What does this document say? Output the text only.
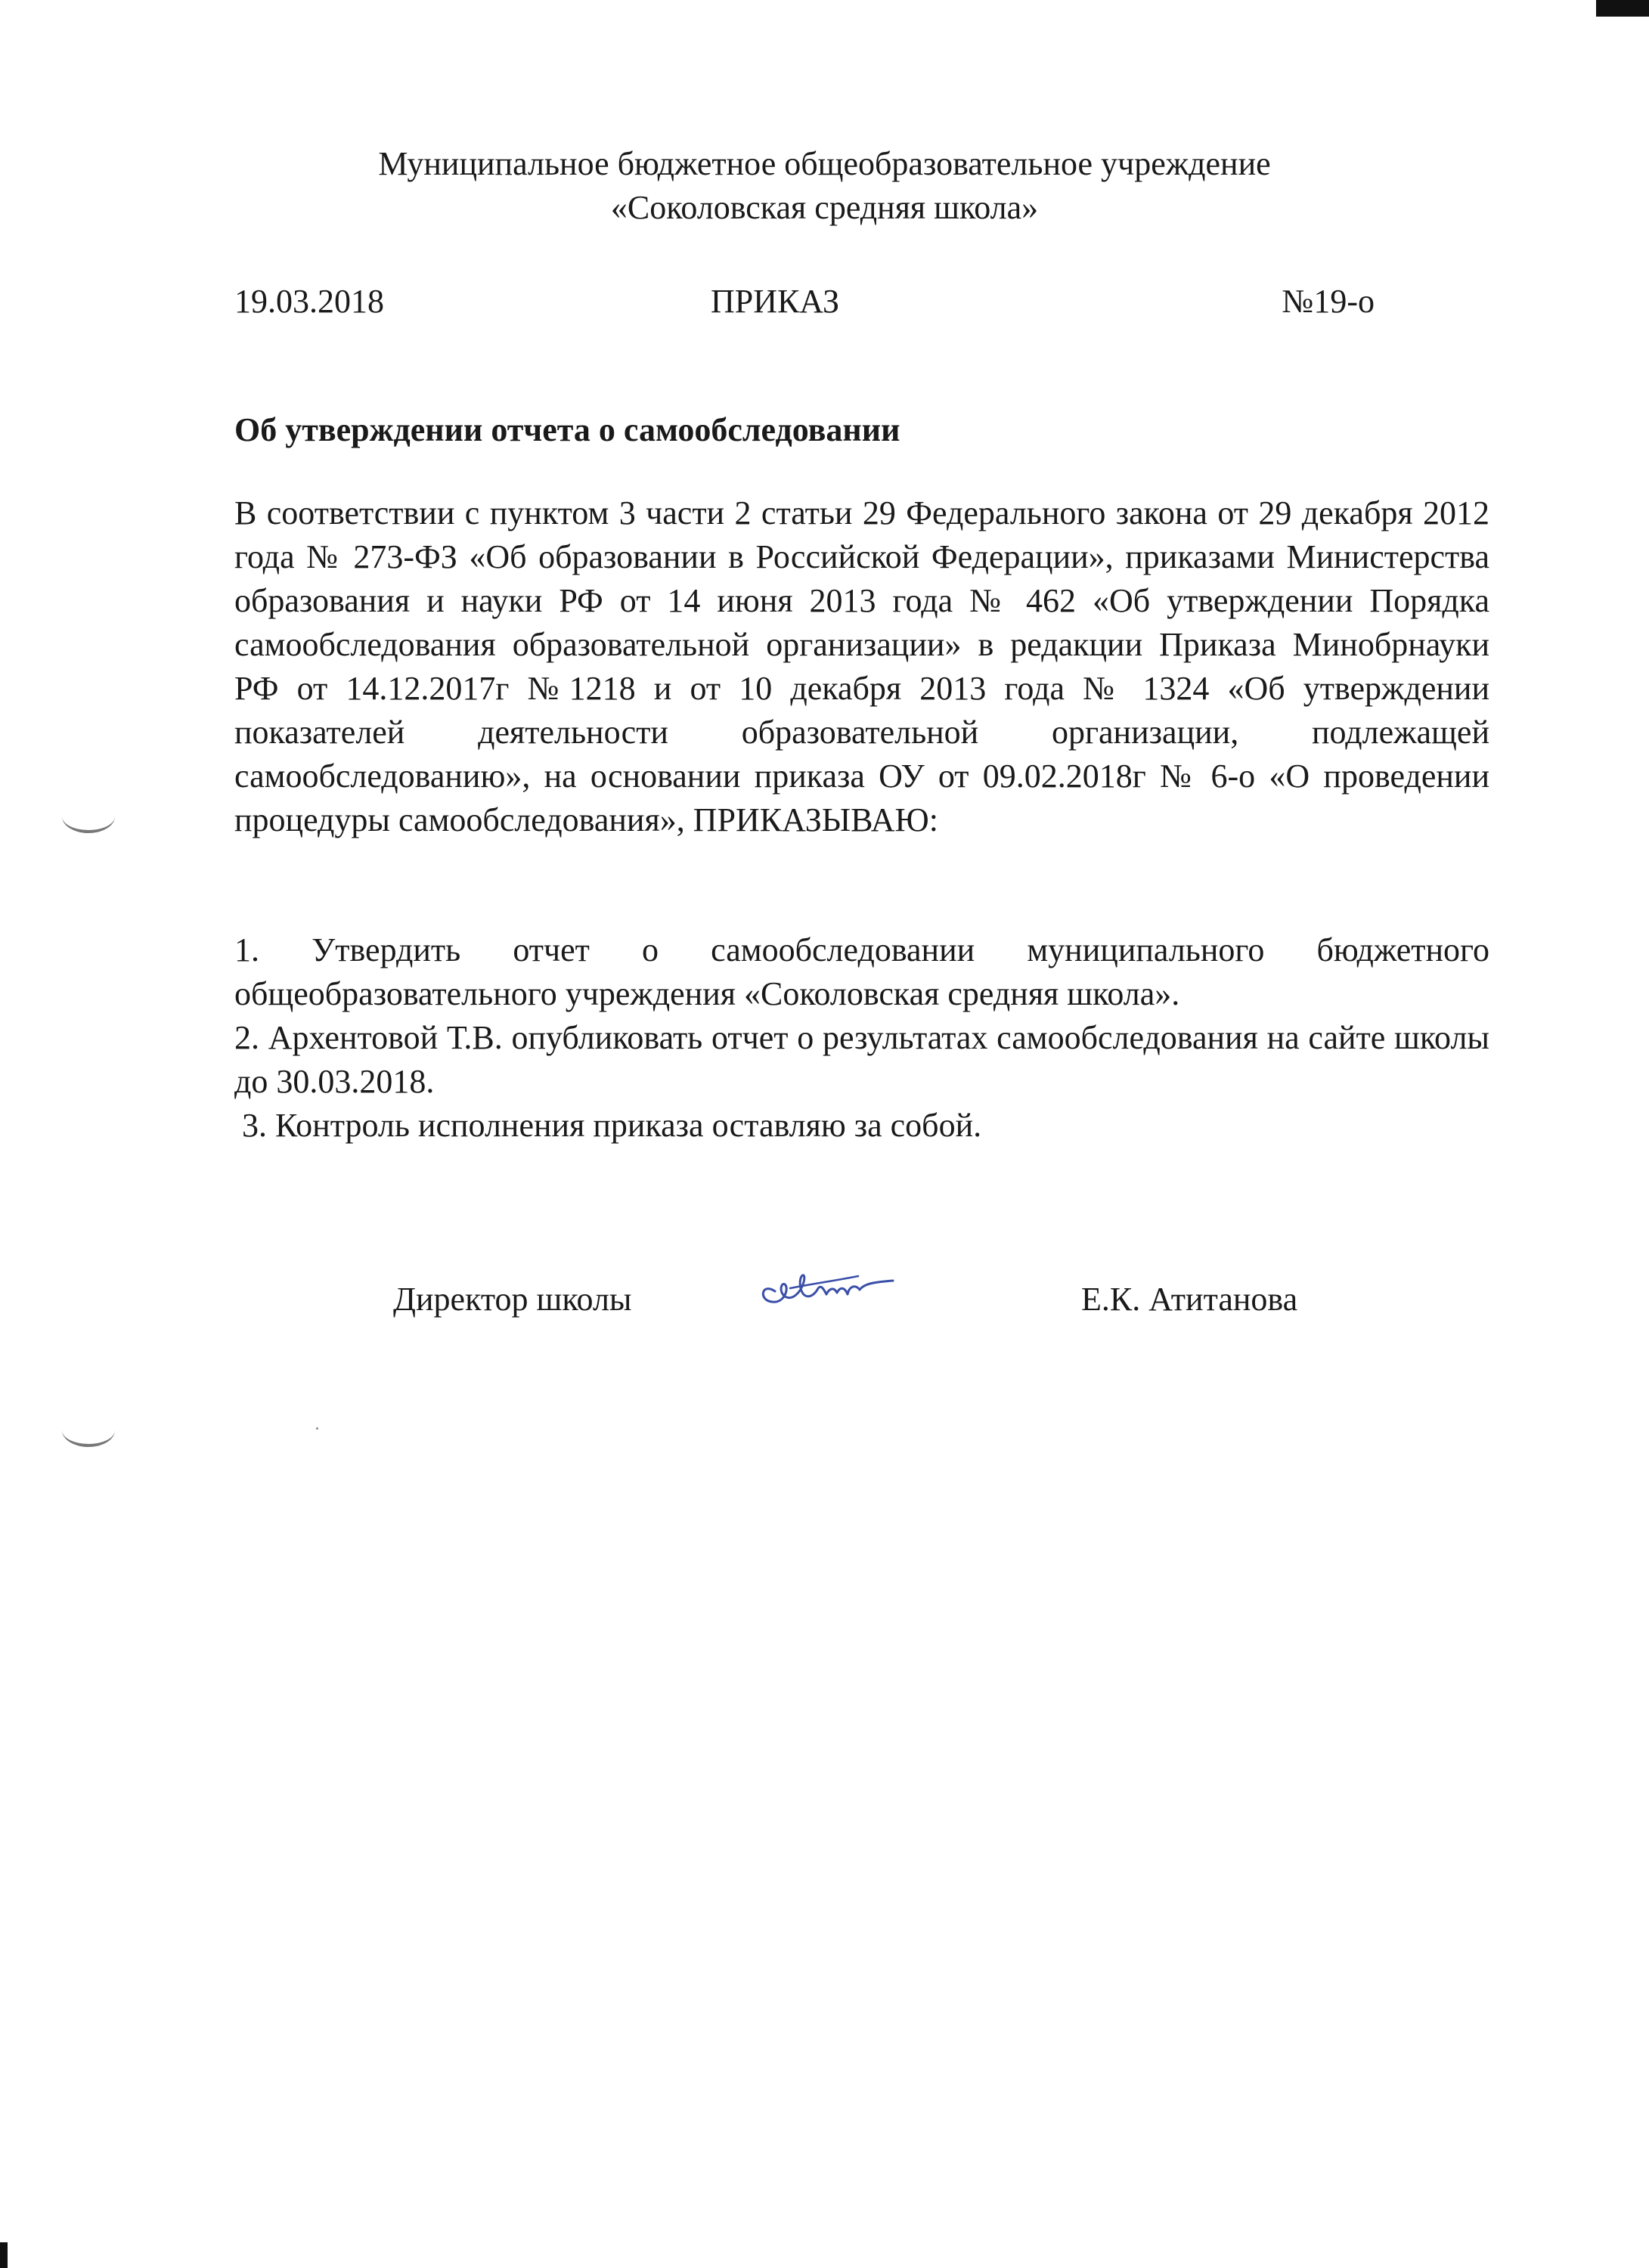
Муниципальное бюджетное общеобразовательное учреждение
«Соколовская средняя школа»
19.03.2018	ПРИКАЗ	№19-о
Об утверждении отчета о самообследовании

В соответствии с пунктом 3 части 2 статьи 29 Федерального закона от 29 декабря 2012 года № 273-ФЗ «Об образовании в Российской Федерации», приказами Министерства образования и науки РФ от 14 июня 2013 года № 462 «Об утверждении Порядка самообследования образовательной организации» в редакции Приказа Минобрнауки РФ от 14.12.2017г №1218 и от 10 декабря 2013 года № 1324 «Об утверждении показателей деятельности образовательной организации, подлежащей самообследованию», на основании приказа ОУ от 09.02.2018г № 6-о «О проведении процедуры самообследования», ПРИКАЗЫВАЮ:

1. Утвердить отчет о самообследовании муниципального бюджетного общеобразовательного учреждения «Соколовская средняя школа».

2. Архентовой Т.В. опубликовать отчет о результатах самообследования на сайте школы до 30.03.2018.

3. Контроль исполнения приказа оставляю за собой.

Директор школы	Е.К. Атитанова
